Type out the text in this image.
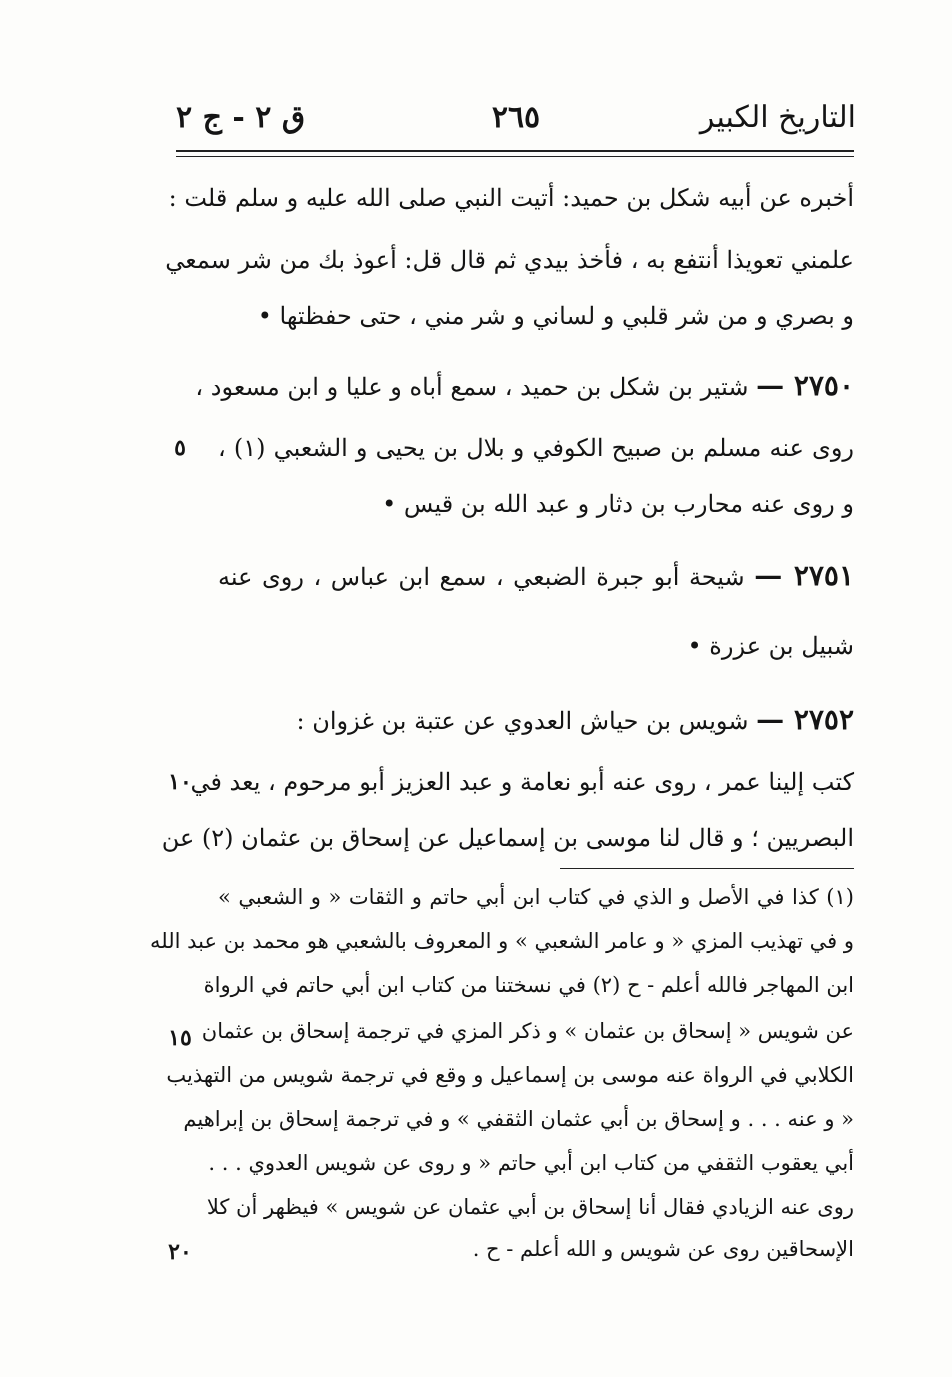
التاريخ الكبير
٢٦٥
ق ٢ - ج ٢
أخبره عن أبيه شكل بن حميد: أتيت النبي صلى الله عليه و سلم قلت :
علمني تعويذا أنتفع به ، فأخذ بيدي ثم قال قل: أعوذ بك من شر سمعي
و بصري و من شر قلبي و لساني و شر مني ، حتى حفظتها •
٢٧٥٠ — شتير بن شكل بن حميد ، سمع أباه و عليا و ابن مسعود ،
روى عنه مسلم بن صبيح الكوفي و بلال بن يحيى و الشعبي (١) ،
و روى عنه محارب بن دثار و عبد الله بن قيس •
٢٧٥١ — شيحة أبو جبرة الضبعي ، سمع ابن عباس ، روى عنه
شبيل بن عزرة •
٢٧٥٢ — شويس بن حياش العدوي عن عتبة بن غزوان :
كتب إلينا عمر ، روى عنه أبو نعامة و عبد العزيز أبو مرحوم ، يعد في
البصريين ؛ و قال لنا موسى بن إسماعيل عن إسحاق بن عثمان (٢) عن
٥
١٠
١٥
٢٠
(١) كذا في الأصل و الذي في كتاب ابن أبي حاتم و الثقات « و الشعبي »
و في تهذيب المزي « و عامر الشعبي » و المعروف بالشعبي هو محمد بن عبد الله
ابن المهاجر فالله أعلم - ح (٢) في نسختنا من كتاب ابن أبي حاتم في الرواة
عن شويس « إسحاق بن عثمان » و ذكر المزي في ترجمة إسحاق بن عثمان
الكلابي في الرواة عنه موسى بن إسماعيل و وقع في ترجمة شويس من التهذيب
« و عنه . . . و إسحاق بن أبي عثمان الثقفي » و في ترجمة إسحاق بن إبراهيم
أبي يعقوب الثقفي من كتاب ابن أبي حاتم « و روى عن شويس العدوي . . .
روى عنه الزيادي فقال أنا إسحاق بن أبي عثمان عن شويس » فيظهر أن كلا
الإسحاقين روى عن شويس و الله أعلم - ح .
